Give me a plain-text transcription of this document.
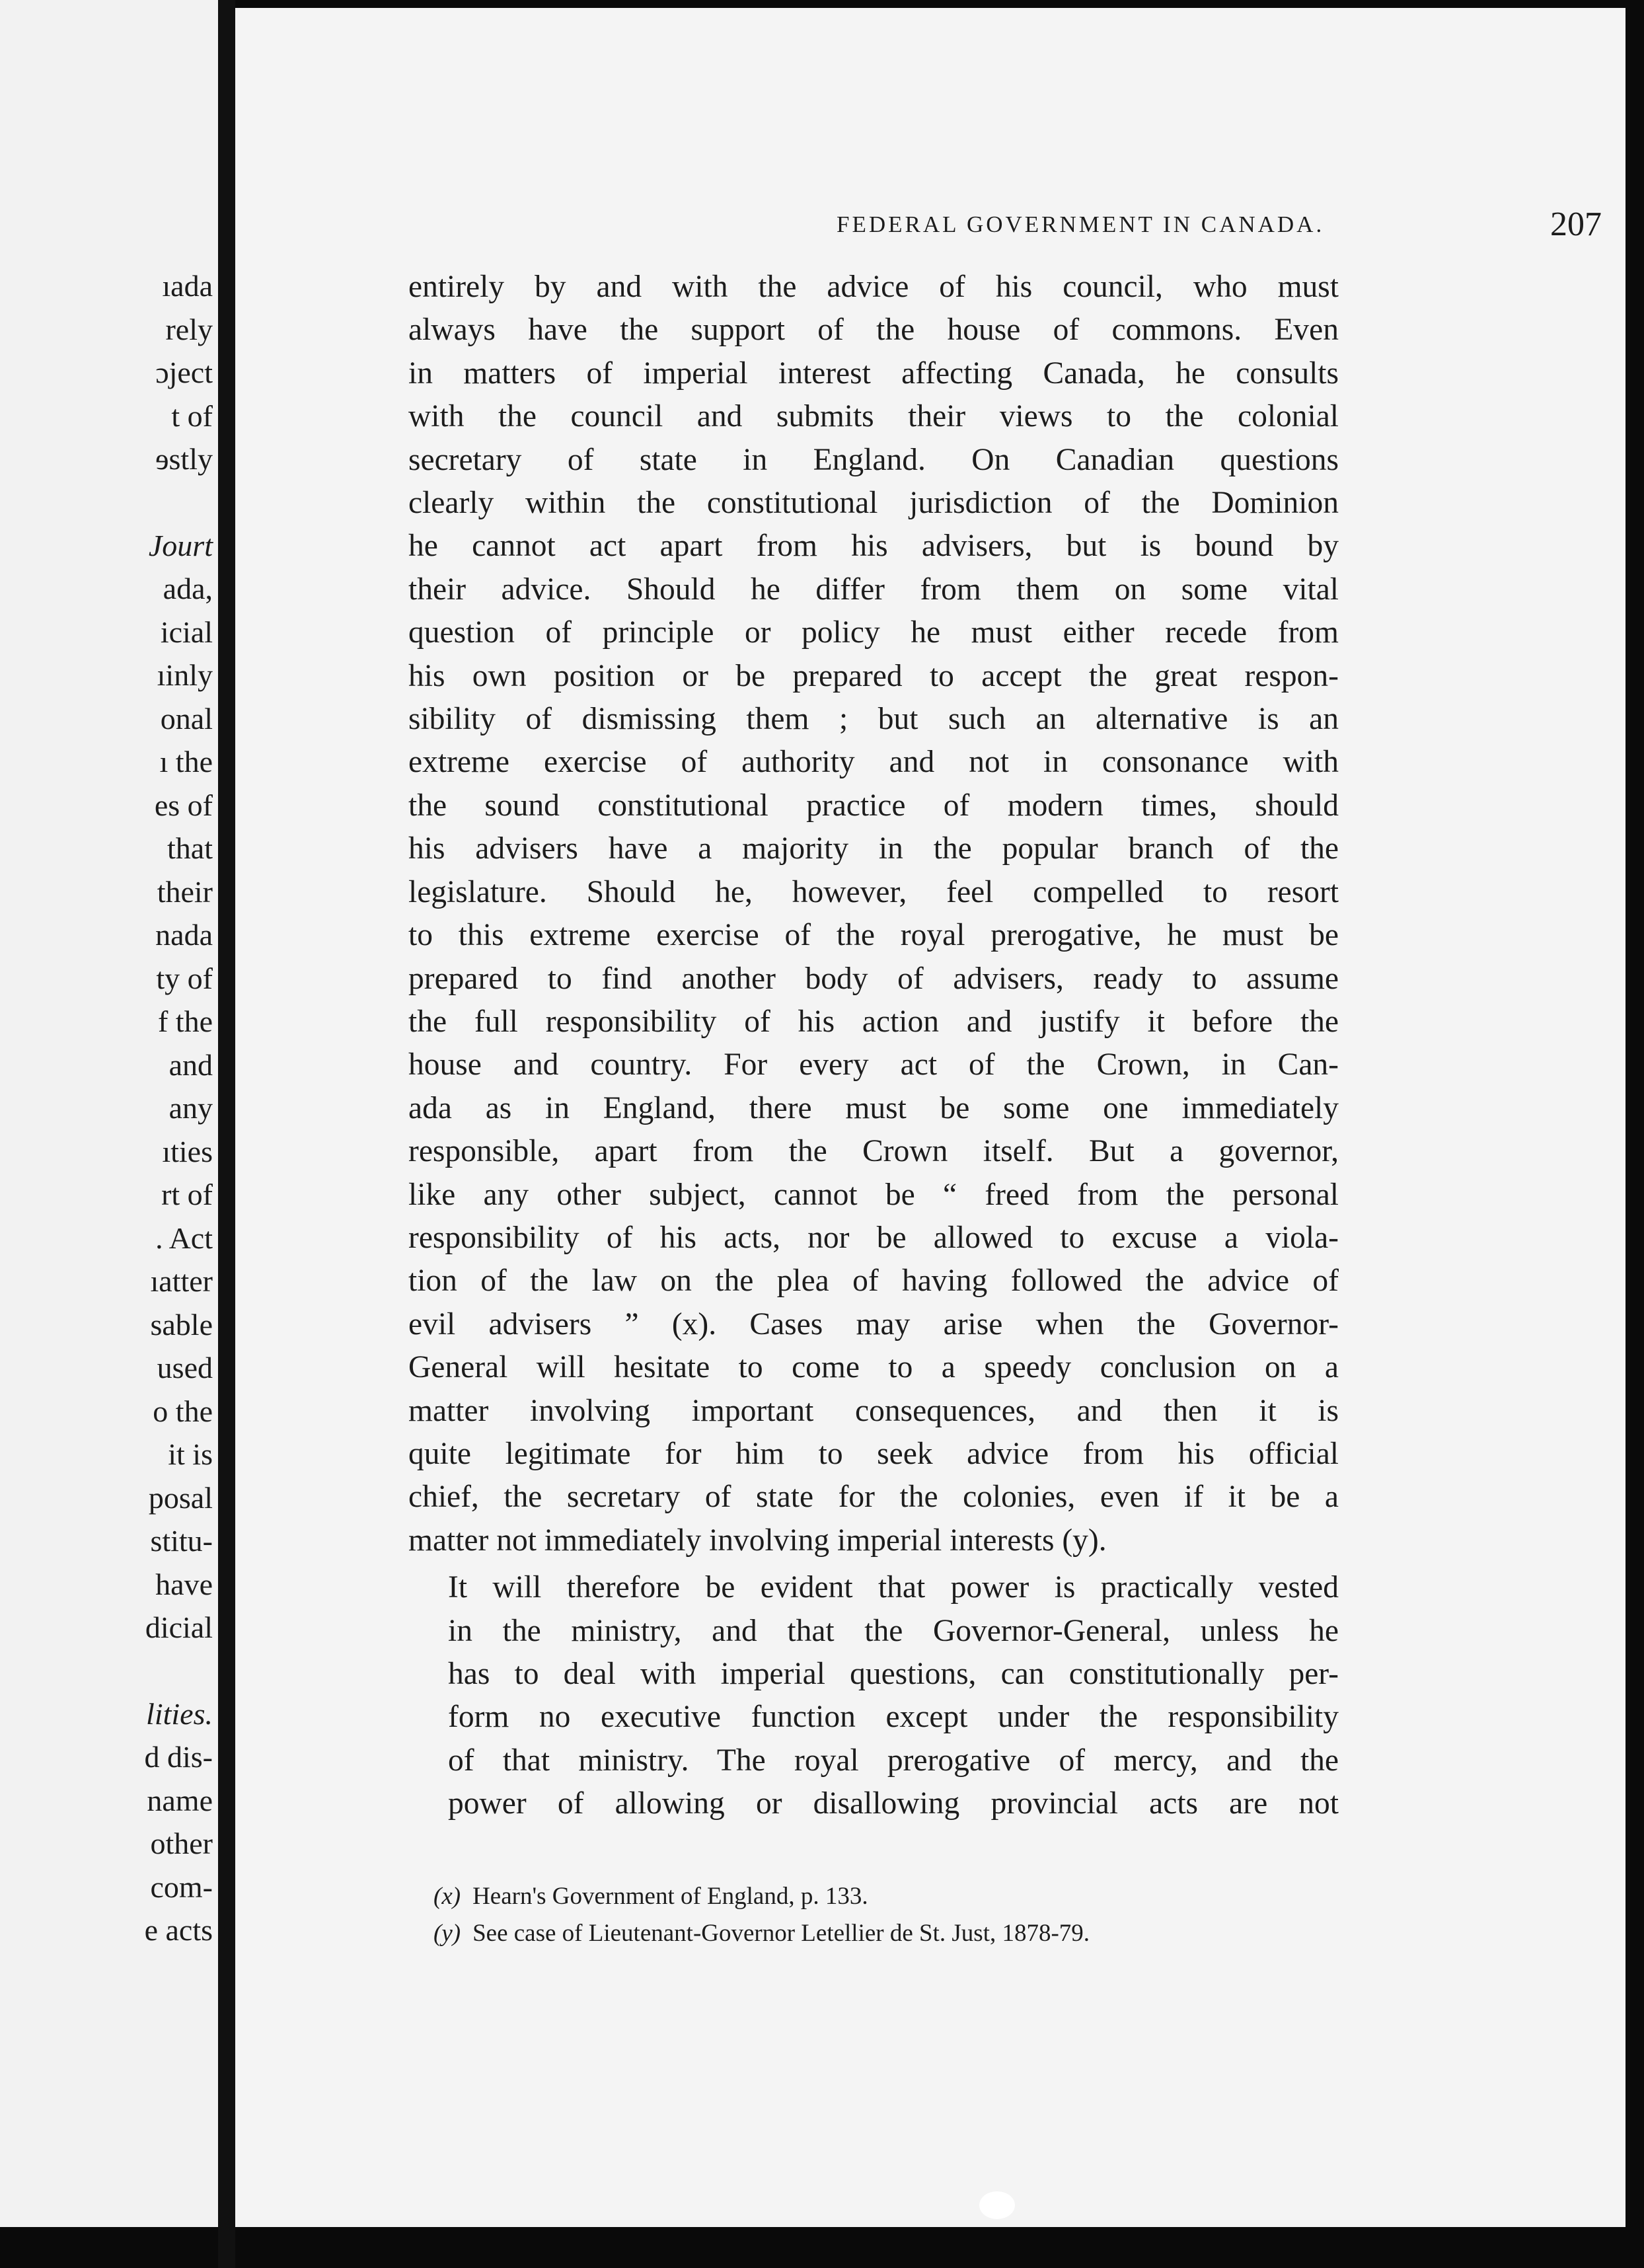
ıada
rely
ɔject
t of
ɘstly
Jourt
ada,
icial
ıinly
onal
ı the
es of
that
their
nada
ty of
f the
and
any
ıties
rt of
. Act
ıatter
sable
used
o the
it is
posal
stitu-
have
dicial
lities.
d dis-
name
other
com-
e acts
FEDERAL GOVERNMENT IN CANADA.	207

entirely by and with the advice of his council, who must
always have the support of the house of commons. Even
in matters of imperial interest affecting Canada, he consults
with the council and submits their views to the colonial
secretary of state in England. On Canadian questions
clearly within the constitutional jurisdiction of the Dominion
he cannot act apart from his advisers, but is bound by
their advice. Should he differ from them on some vital
question of principle or policy he must either recede from
his own position or be prepared to accept the great respon-
sibility of dismissing them ; but such an alternative is an
extreme exercise of authority and not in consonance with
the sound constitutional practice of modern times, should
his advisers have a majority in the popular branch of the
legislature. Should he, however, feel compelled to resort
to this extreme exercise of the royal prerogative, he must be
prepared to find another body of advisers, ready to assume
the full responsibility of his action and justify it before the
house and country. For every act of the Crown, in Can-
ada as in England, there must be some one immediately
responsible, apart from the Crown itself. But a governor,
like any other subject, cannot be “ freed from the personal
responsibility of his acts, nor be allowed to excuse a viola-
tion of the law on the plea of having followed the advice of
evil advisers ” (x). Cases may arise when the Governor-
General will hesitate to come to a speedy conclusion on a
matter involving important consequences, and then it is
quite legitimate for him to seek advice from his official
chief, the secretary of state for the colonies, even if it be a
matter not immediately involving imperial interests (y).

It will therefore be evident that power is practically vested
in the ministry, and that the Governor-General, unless he
has to deal with imperial questions, can constitutionally per-
form no executive function except under the responsibility
of that ministry. The royal prerogative of mercy, and the
power of allowing or disallowing provincial acts are not

(x) Hearn's Government of England, p. 133.
(y) See case of Lieutenant-Governor Letellier de St. Just, 1878-79.
